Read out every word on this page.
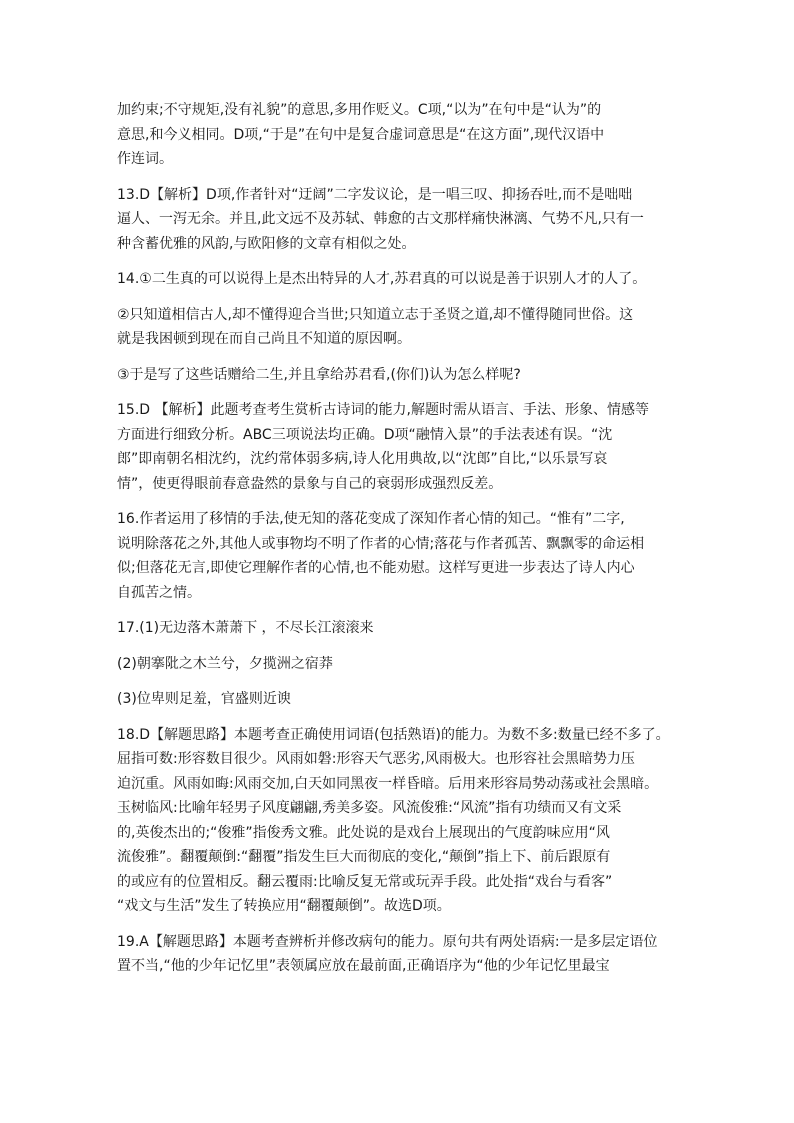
加约束;不守规矩,没有礼貌”的意思,多用作贬义。C项,“以为”在句中是“认为”的
意思,和今义相同。D项,“于是”在句中是复合虚词意思是“在这方面”,现代汉语中
作连词。
13.D【解析】D项,作者针对“迂阔”二字发议论，是一唱三叹、抑扬吞吐,而不是咄咄
逼人、一泻无余。并且,此文远不及苏轼、韩愈的古文那样痛快淋漓、气势不凡,只有一
种含蓄优雅的风韵,与欧阳修的文章有相似之处。
14.①二生真的可以说得上是杰出特异的人才,苏君真的可以说是善于识别人才的人了。
②只知道相信古人,却不懂得迎合当世;只知道立志于圣贤之道,却不懂得随同世俗。这
就是我困顿到现在而自己尚且不知道的原因啊。
③于是写了这些话赠给二生,并且拿给苏君看,(你们)认为怎么样呢?
15.D 【解析】此题考查考生赏析古诗词的能力,解题时需从语言、手法、形象、情感等
方面进行细致分析。ABC三项说法均正确。D项“融情入景”的手法表述有误。“沈
郎”即南朝名相沈约，沈约常体弱多病,诗人化用典故,以“沈郎”自比,“以乐景写哀
情”，使更得眼前春意盎然的景象与自己的衰弱形成强烈反差。
16.作者运用了移情的手法,使无知的落花变成了深知作者心情的知己。“惟有”二字,
说明除落花之外,其他人或事物均不明了作者的心情;落花与作者孤苦、飘飘零的命运相
似;但落花无言,即使它理解作者的心情,也不能劝慰。这样写更进一步表达了诗人内心
自孤苦之情。
17.(1)无边落木萧萧下 ，不尽长江滚滚来
(2)朝搴阰之木兰兮，夕揽洲之宿莽
(3)位卑则足羞，官盛则近谀
18.D【解题思路】本题考查正确使用词语(包括熟语)的能力。为数不多:数量已经不多了。
屈指可数:形容数目很少。风雨如磐:形容天气恶劣,风雨极大。也形容社会黑暗势力压
迫沉重。风雨如晦:风雨交加,白天如同黑夜一样昏暗。后用来形容局势动荡或社会黑暗。
玉树临风:比喻年轻男子风度翩翩,秀美多姿。风流俊雅:“风流”指有功绩而又有文采
的,英俊杰出的;“俊雅”指俊秀文雅。此处说的是戏台上展现出的气度韵味应用“风
流俊雅”。翻覆颠倒:“翻覆”指发生巨大而彻底的变化,“颠倒”指上下、前后跟原有
的或应有的位置相反。翻云覆雨:比喻反复无常或玩弄手段。此处指“戏台与看客”
“戏文与生活”发生了转换应用“翻覆颠倒”。故选D项。
19.A【解题思路】本题考查辨析并修改病句的能力。原句共有两处语病:一是多层定语位
置不当,“他的少年记忆里”表领属应放在最前面,正确语序为“他的少年记忆里最宝
